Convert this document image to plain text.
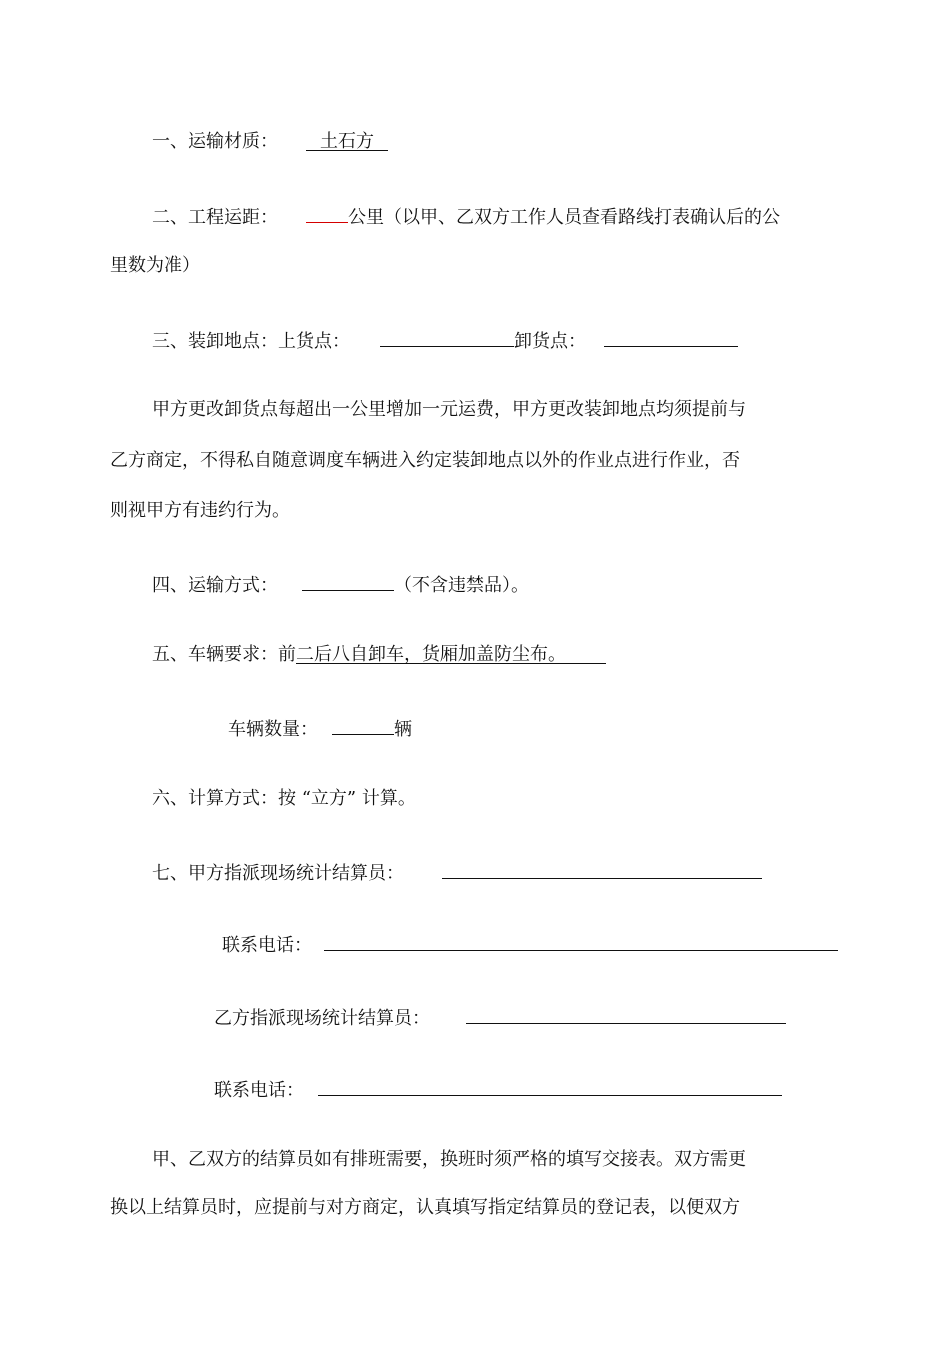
一、运输材质： 土石方
二、工程运距：	公里（以甲、乙双方工作人员查看路线打表确认后的公
里数为准）
三、装卸地点：上货点：	卸货点：
甲方更改卸货点每超出一公里增加一元运费，甲方更改装卸地点均须提前与
乙方商定，不得私自随意调度车辆进入约定装卸地点以外的作业点进行作业，否
则视甲方有违约行为。
四、运输方式：	（不含违禁品）。
五、车辆要求：前二后八自卸车，货厢加盖防尘布。
车辆数量：	辆
六、计算方式：按 “立方” 计算。
七、甲方指派现场统计结算员：
联系电话：
乙方指派现场统计结算员：
联系电话：
甲、乙双方的结算员如有排班需要，换班时须严格的填写交接表。双方需更
换以上结算员时，应提前与对方商定，认真填写指定结算员的登记表，以便双方
